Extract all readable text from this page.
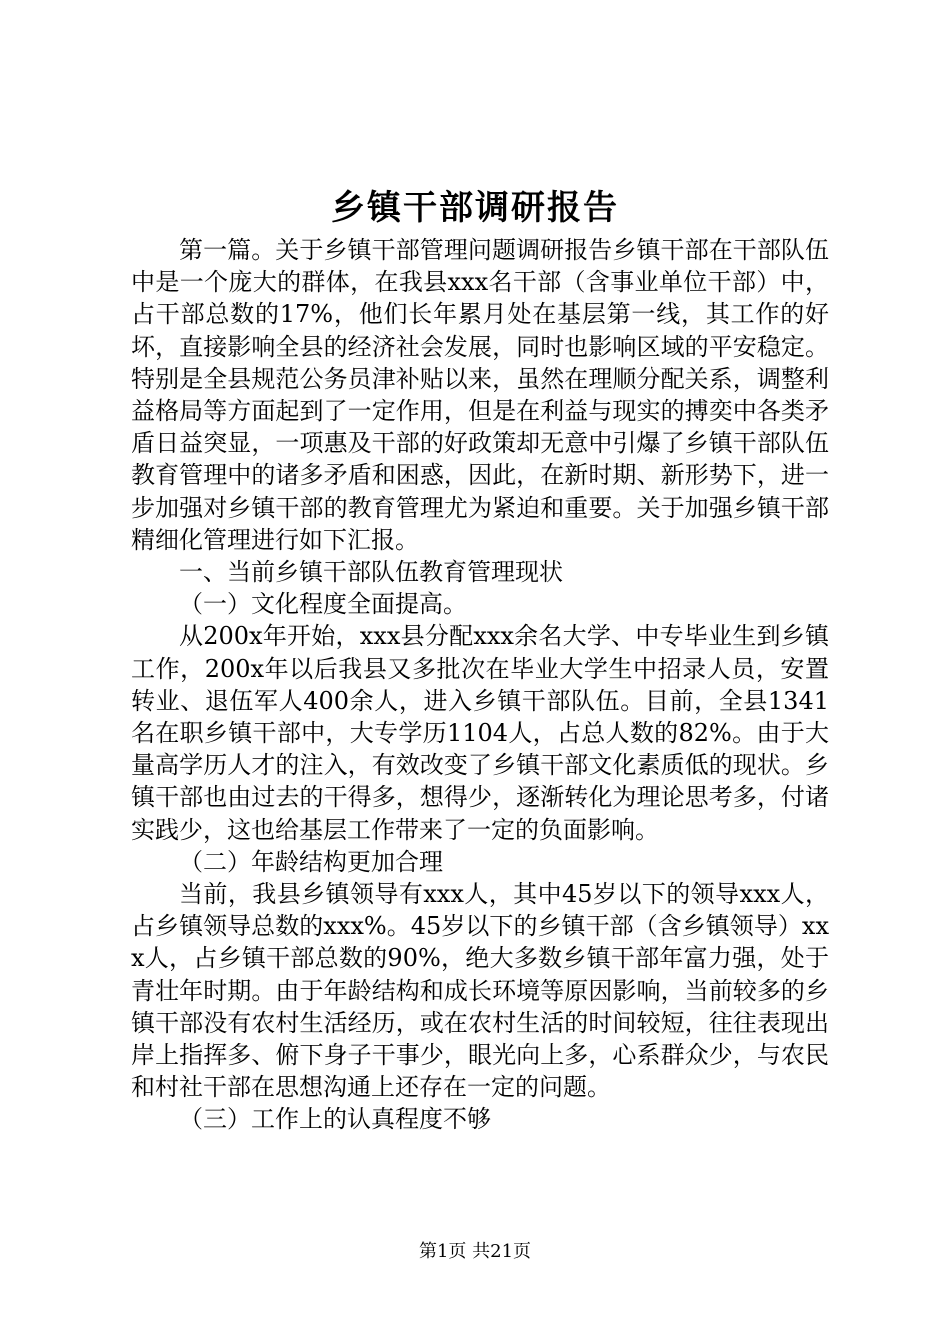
乡镇干部调研报告

第一篇。关于乡镇干部管理问题调研报告乡镇干部在干部队伍中是一个庞大的群体，在我县xxx名干部（含事业单位干部）中，占干部总数的17%，他们长年累月处在基层第一线，其工作的好坏，直接影响全县的经济社会发展，同时也影响区域的平安稳定。特别是全县规范公务员津补贴以来，虽然在理顺分配关系，调整利益格局等方面起到了一定作用，但是在利益与现实的搏奕中各类矛盾日益突显，一项惠及干部的好政策却无意中引爆了乡镇干部队伍教育管理中的诸多矛盾和困惑，因此，在新时期、新形势下，进一步加强对乡镇干部的教育管理尤为紧迫和重要。关于加强乡镇干部精细化管理进行如下汇报。

一、当前乡镇干部队伍教育管理现状

（一）文化程度全面提高。

从200x年开始，xxx县分配xxx余名大学、中专毕业生到乡镇工作，200x年以后我县又多批次在毕业大学生中招录人员，安置转业、退伍军人400余人，进入乡镇干部队伍。目前，全县1341名在职乡镇干部中，大专学历1104人，占总人数的82%。由于大量高学历人才的注入，有效改变了乡镇干部文化素质低的现状。乡镇干部也由过去的干得多，想得少，逐渐转化为理论思考多，付诸实践少，这也给基层工作带来了一定的负面影响。

（二）年龄结构更加合理

当前，我县乡镇领导有xxx人，其中45岁以下的领导xxx人，占乡镇领导总数的xxx%。45岁以下的乡镇干部（含乡镇领导）xxx人，占乡镇干部总数的90%，绝大多数乡镇干部年富力强，处于青壮年时期。由于年龄结构和成长环境等原因影响，当前较多的乡镇干部没有农村生活经历，或在农村生活的时间较短，往往表现出岸上指挥多、俯下身子干事少，眼光向上多，心系群众少，与农民和村社干部在思想沟通上还存在一定的问题。

（三）工作上的认真程度不够

第1页 共21页
